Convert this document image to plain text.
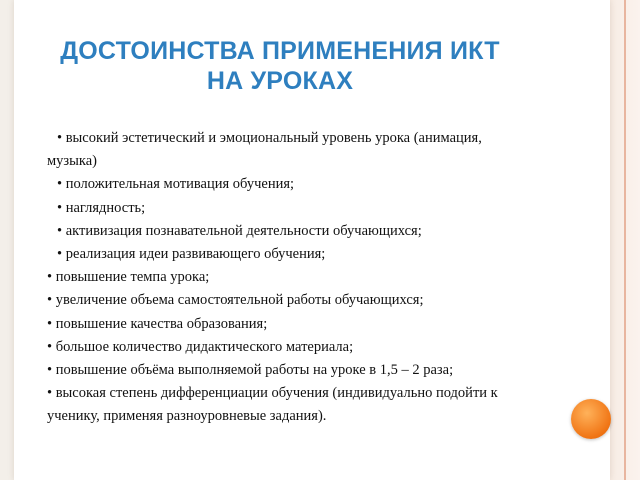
ДОСТОИНСТВА ПРИМЕНЕНИЯ ИКТ
НА УРОКАХ
• высокий эстетический и эмоциональный уровень урока (анимация,
музыка)
• положительная мотивация обучения;
• наглядность;
• активизация познавательной деятельности обучающихся;
• реализация идеи развивающего обучения;
• повышение темпа урока;
• увеличение объема самостоятельной работы обучающихся;
• повышение качества образования;
• большое количество дидактического материала;
• повышение объёма выполняемой работы на уроке в 1,5 – 2 раза;
• высокая степень дифференциации обучения (индивидуально подойти к
ученику, применяя разноуровневые задания).
